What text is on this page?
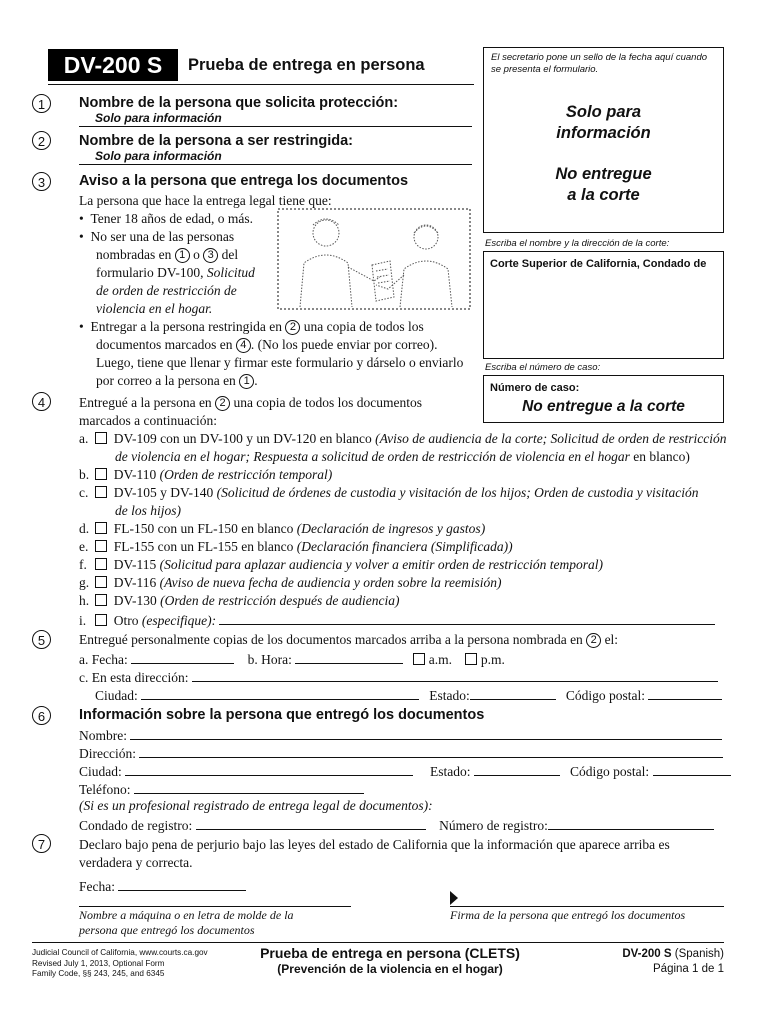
DV-200 S	Prueba de entrega en persona	El secretario pone un sello de la fecha aquí cuando se presenta el formulario.
Solo para
información
No entregue
a la corte
Escriba el nombre y la dirección de la corte:
Corte Superior de California, Condado de
Escriba el número de caso:
Número de caso:
No entregue a la corte
1	Nombre de la persona que solicita protección:
Solo para información
2	Nombre de la persona a ser restringida:
Solo para información
3	Aviso a la persona que entrega los documentos
La persona que hace la entrega legal tiene que:
•  Tener 18 años de edad, o más.
•  No ser una de las personas
nombradas en 1 o 3 del
formulario DV-100, Solicitud
de orden de restricción de
violencia en el hogar.
•  Entregar a la persona restringida en 2 una copia de todos los
documentos marcados en 4 . (No los puede enviar por correo).
Luego, tiene que llenar y firmar este formulario y dárselo o enviarlo
por correo a la persona en 1 .
4	Entregué a la persona en 2 una copia de todos los documentos
marcados a continuación:
a. DV-109 con un DV-100 y un DV-120 en blanco (Aviso de audiencia de la corte; Solicitud de orden de restricción
de violencia en el hogar; Respuesta a solicitud de orden de restricción de violencia en el hogar en blanco)
b. DV-110 (Orden de restricción temporal)
c. DV-105 y DV-140 (Solicitud de órdenes de custodia y visitación de los hijos; Orden de custodia y visitación
de los hijos)
d. FL-150 con un FL-150 en blanco (Declaración de ingresos y gastos)
e. FL-155 con un FL-155 en blanco (Declaración financiera (Simplificada))
f. DV-115 (Solicitud para aplazar audiencia y volver a emitir orden de restricción temporal)
g. DV-116 (Aviso de nueva fecha de audiencia y orden sobre la reemisión)
h. DV-130 (Orden de restricción después de audiencia)
i. Otro (especifique):
5	Entregué personalmente copias de los documentos marcados arriba a la persona nombrada en 2 el:
a. Fecha:	b. Hora:	a.m. p.m.
c. En esta dirección:
Ciudad:	Estado:	Código postal:
6	Información sobre la persona que entregó los documentos
Nombre:
Dirección:
Ciudad:	Estado:	Código postal:
Teléfono:
(Si es un profesional registrado de entrega legal de documentos):
Condado de registro:	Número de registro:
7	Declaro bajo pena de perjurio bajo las leyes del estado de California que la información que aparece arriba es
verdadera y correcta.
Fecha:
Nombre a máquina o en letra de molde de la
persona que entregó los documentos
Firma de la persona que entregó los documentos
Judicial Council of California, www.courts.ca.gov
Revised July 1, 2013, Optional Form
Family Code, §§ 243, 245, and 6345
Prueba de entrega en persona (CLETS)
(Prevención de la violencia en el hogar)
DV-200 S (Spanish)
Página 1 de 1
